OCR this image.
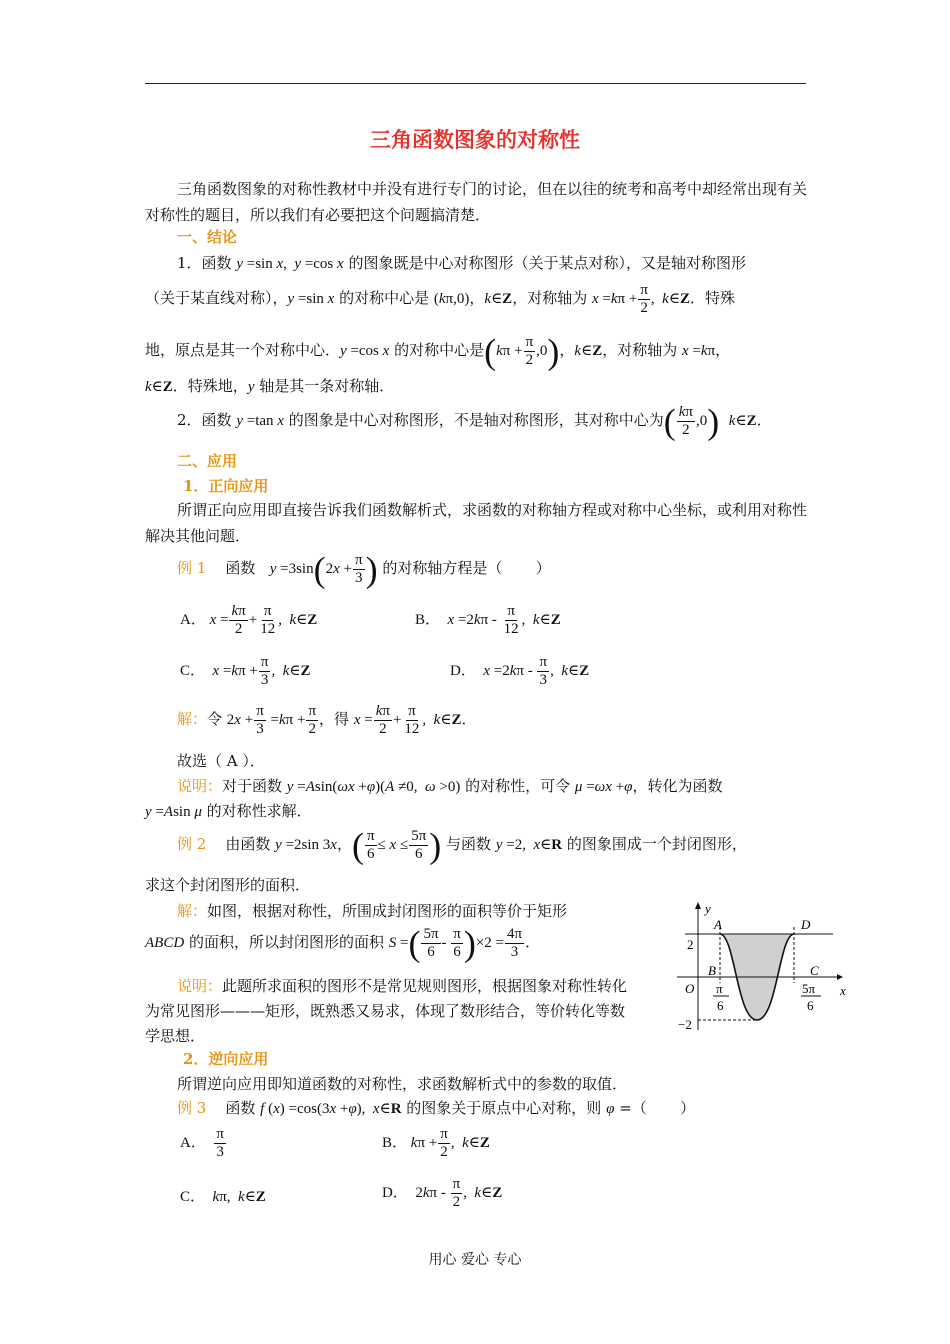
三角函数图象的对称性
三角函数图象的对称性教材中并没有进行专门的讨论，但在以往的统考和高考中却经常出现有关对称性的题目，所以我们有必要把这个问题搞清楚．
一、结论
1．函数 y =sin x,  y =cos x 的图象既是中心对称图形（关于某点对称），又是轴对称图形
（关于某直线对称），y =sin x 的对称中心是 (kπ,0)，k∈Z，对称轴为 $x =k\pi + \frac{\pi}{2}$ ,  k∈Z．特殊
地，原点是其一个对称中心．y =cos x 的对称中心是$(k\pi + \frac{\pi}{2} ,0)$，k∈Z，对称轴为 x =kπ，
k∈Z．特殊地，y 轴是其一条对称轴．
2．函数 y =tan x 的图象是中心对称图形，不是轴对称图形，其对称中心为( $\frac{k\pi}{2} ,0$) k∈Z．
二、应用
1．正向应用
所谓正向应用即直接告诉我们函数解析式，求函数的对称轴方程或对称中心坐标，或利用对称性解决其他问题．
例 1    函数   $y =3\sin(2x + \frac{\pi}{3}$ ) 的对称轴方程是（       ）
A． $x = \frac{k\pi}{2} + \frac{\pi}{12}$ ,  k∈Z	B．  $x =2k\pi - \frac{\pi}{12}$ ,  k∈Z
C．  $x =k\pi + \frac{\pi}{3}$ ,  k∈Z	D．  $x =2k\pi - \frac{\pi}{3}$ ,  k∈Z
解：令 $2x + \frac{\pi}{3} =k\pi + \frac{\pi}{2}$ ，得 $x = \frac{k\pi}{2} + \frac{\pi}{12}$ ,  k∈Z．
故选（ A ）．
说明：对于函数 y =Asin(ωx +φ)(A ≠0,  ω >0) 的对称性，可令 μ =ωx +φ，转化为函数
y =Asin μ 的对称性求解．
例 2    由函数 y =2sin 3x，( $\frac{\pi}{6} \le x \le \frac{5\pi}{6}$ ) 与函数 y =2,  x∈R 的图象围成一个封闭图形，
求这个封闭图形的面积．
解：如图，根据对称性，所围成封闭图形的面积等价于矩形
ABCD 的面积，所以封闭图形的面积 S =( $\frac{5\pi}{6} - \frac{\pi}{6} )\times 2 = \frac{4\pi}{3}$ ．
说明：此题所求面积的图形不是常见规则图形，根据图象对称性转化为常见图形———矩形，既熟悉又易求，体现了数形结合，等价转化等数学思想．
y
x
A	D
B	C
2
O
−2
π
6
5π
6
2．逆向应用
所谓逆向应用即知道函数的对称性，求函数解析式中的参数的取值．
例 3    函数 f (x) =cos(3x +φ),  x∈R 的图象关于原点中心对称，则 φ =（       ）
A． $\frac{\pi}{3}$	B． $k\pi + \frac{\pi}{2}$ ,  k∈Z
C．  kπ,  k∈Z	D．  $2k\pi - \frac{\pi}{2}$ ,  k∈Z
用心 爱心 专心
